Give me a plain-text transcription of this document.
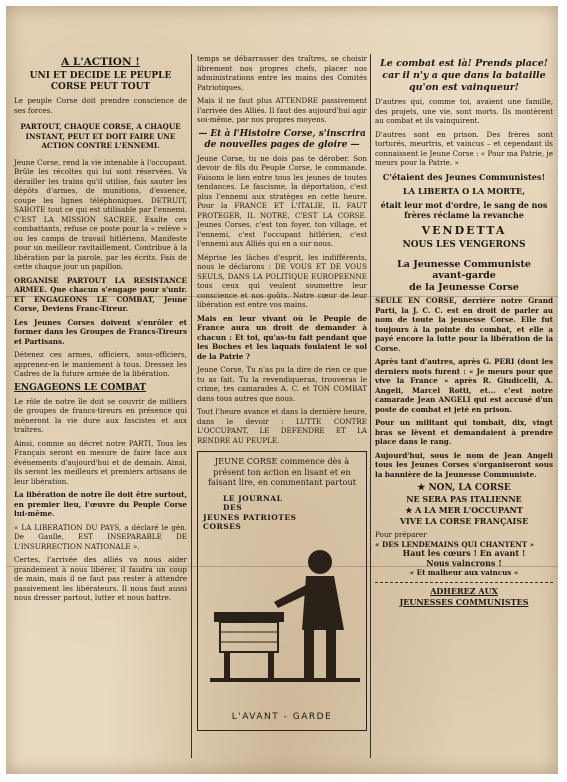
A L'ACTION !

UNI ET DECIDE LE PEUPLE CORSE PEUT TOUT

Le peuple Corse doit prendre conscience de ses forces.

PARTOUT, CHAQUE CORSE, A CHAQUE INSTANT, PEUT ET DOIT FAIRE UNE ACTION CONTRE L'ENNEMI.

Jeune Corse, rend la vie intenable à l'occupant. Brûle les récoltes qui lui sont réservées. Va dérailler les trains qu'il utilise, fais sauter les dépôts d'armes, de munitions, d'essence, coupe les lignes téléphoniques. DETRUIT, SABOTE tout ce qui est utilisable par l'ennemi. C'EST LA MISSION SACREE. Exalte ces combattants, refuse ce poste pour la « relève » ou les camps de travail hitlériens. Manifeste pour un meilleur ravitaillement. Contribue à la libération par la parole, par les écrits. Fais de cette chaque jour un papillon.

ORGANISE PARTOUT LA RESISTANCE ARMEE. Que chacun s'engage pour s'unir. ET ENGAGEONS LE COMBAT, Jeune Corse, Deviens Franc-Tireur.

Les Jeunes Corses doivent s'enrôler et former dans les Groupes de Francs-Tireurs et Partisans.

Détenez ces armes, officiers, sous-officiers, apprenez-en le maniement à tous. Dressez les Cadres de la future armée de la libération.

ENGAGEONS LE COMBAT

Le rôle de notre île doit se couvrir de milliers de groupes de francs-tireurs en présence qui mèneront la vie dure aux fascistes et aux traîtres.

Ainsi, comme au décret notre PARTI, Tous les Français seront en mesure de faire face aux événements d'aujourd'hui et de demain. Ainsi, ils seront les meilleurs et premiers artisans de leur libération.

La libération de notre île doit être surtout, en premier lieu, l'œuvre du Peuple Corse lui-même.

« LA LIBERATION DU PAYS, a déclaré le gén. De Gaulle, EST INSEPARABLE DE L'INSURRECTION NATIONALE ».

Certes, l'arrivée des alliés va nous aider grandement à nous libérer, il faudra un coup de main, mais il ne faut pas rester à attendre passivement les libérateurs. Il nous faut aussi nous dresser partout, lutter et nous battre.

temps se débarrasser des traîtres, se choisir librement nos propres chefs, placer nos administrations entre les mains des Comités Patriotiques.

Mais il ne faut plus ATTENDRE passivement l'arrivée des Alliés. Il faut des aujourd'hui agir soi-même, par nos propres moyens.

— Et à l'Histoire Corse, s'inscrira de nouvelles pages de gloire —

Jeune Corse, tu ne dois pas te dérober. Son devoir de fils du Peuple Corse, le commande. Faisons le lien entre tous les jeunes de toutes tendances. Le fascisme, la déportation, c'est plus l'ennemi aux stratèges en cette heure. Pour la FRANCE ET L'ITALIE, IL FAUT PROTEGER, IL NOTRE, C'EST LA CORSE. Jeunes Corses, c'est ton foyer, ton village, et l'ennemi, c'est l'occupant hitlérien, c'est l'ennemi aux Alliés qui en a sur nous.

Méprise les lâches d'esprit, les indifférents, nous le déclarons : DE VOUS ET DE VOUS SEULS, DANS LA POLITIQUE EUROPEENNE tous ceux qui veulent soumettre leur conscience et nos goûts. Notre cœur de leur libération est entre vos mains.

Mais en leur vivant où le Peuple de France aura un droit de demander à chacun : Et toi, qu'as-tu fait pendant que les Boches et les laquais foulaient le sol de la Patrie ?

Jeune Corse, Tu n'as pu la dire de rien ce que tu as fait. Tu la revendiqueras, trouveras le crime, tes camarades A. C. et TON COMBAT dans tous autres que nous.

Tout l'heure avance et dans la dernière heure, dans le devoir : LUTTE CONTRE L'OCCUPANT, LE DEFENDRE ET LA RENDRE AU PEUPLE.

JEUNE CORSE commence dès à présent ton action en lisant et en faisant lire, en commentant partout

LE JOURNAL

DES

JEUNES PATRIOTES

CORSES

L'AVANT - GARDE

Le combat est là! Prends place! car il n'y a que dans la bataille qu'on est vainqueur!

D'autres qui, comme toi, avaient une famille, des projets, une vie, sont morts. Ils montèrent au combat et ils vainquirent.

D'autres sont en prison. Des frères sont torturés, meurtris, et vaincus – et cependant ils connaissent le Jeune Corse : « Pour ma Patrie, je meurs pour la Patrie. »

C'étaient des Jeunes Communistes!

LA LIBERTA O LA MORTE,

était leur mot d'ordre, le sang de nos frères réclame la revanche

VENDETTA

NOUS LES VENGERONS

La Jeunesse Communiste

avant-garde

de la Jeunesse Corse

SEULE EN CORSE, derrière notre Grand Parti, la J. C. C. est en droit de parler au nom de toute la jeunesse Corse. Elle fut toujours à la pointe du combat, et elle a payé encore la lutte pour la libération de la Corse.

Après tant d'autres, après G. PERI (dont les derniers mots furent : « Je meurs pour que vive la France » après R. Giudicelli, A. Angeli, Marcel Rotti, et... c'est notre camarade Jean ANGELI qui est accusé d'un poste de combat et jeté en prison.

Pour un militant qui tombait, dix, vingt bras se lèvent et demandaient à prendre place dans le rang.

Aujourd'hui, sous le nom de Jean Angeli tous les Jeunes Corses s'organiseront sous la bannière de la Jeunesse Communiste.

★ NON, LA CORSE

NE SERA PAS ITALIENNE

★ A LA MER L'OCCUPANT

VIVE LA CORSE FRANÇAISE

Pour préparer

« DES LENDEMAINS QUI CHANTENT »

Haut les cœurs ! En avant !

Nous vaincrons !

« Et malheur aux vaincus »

ADHEREZ AUX

JEUNESSES COMMUNISTES
